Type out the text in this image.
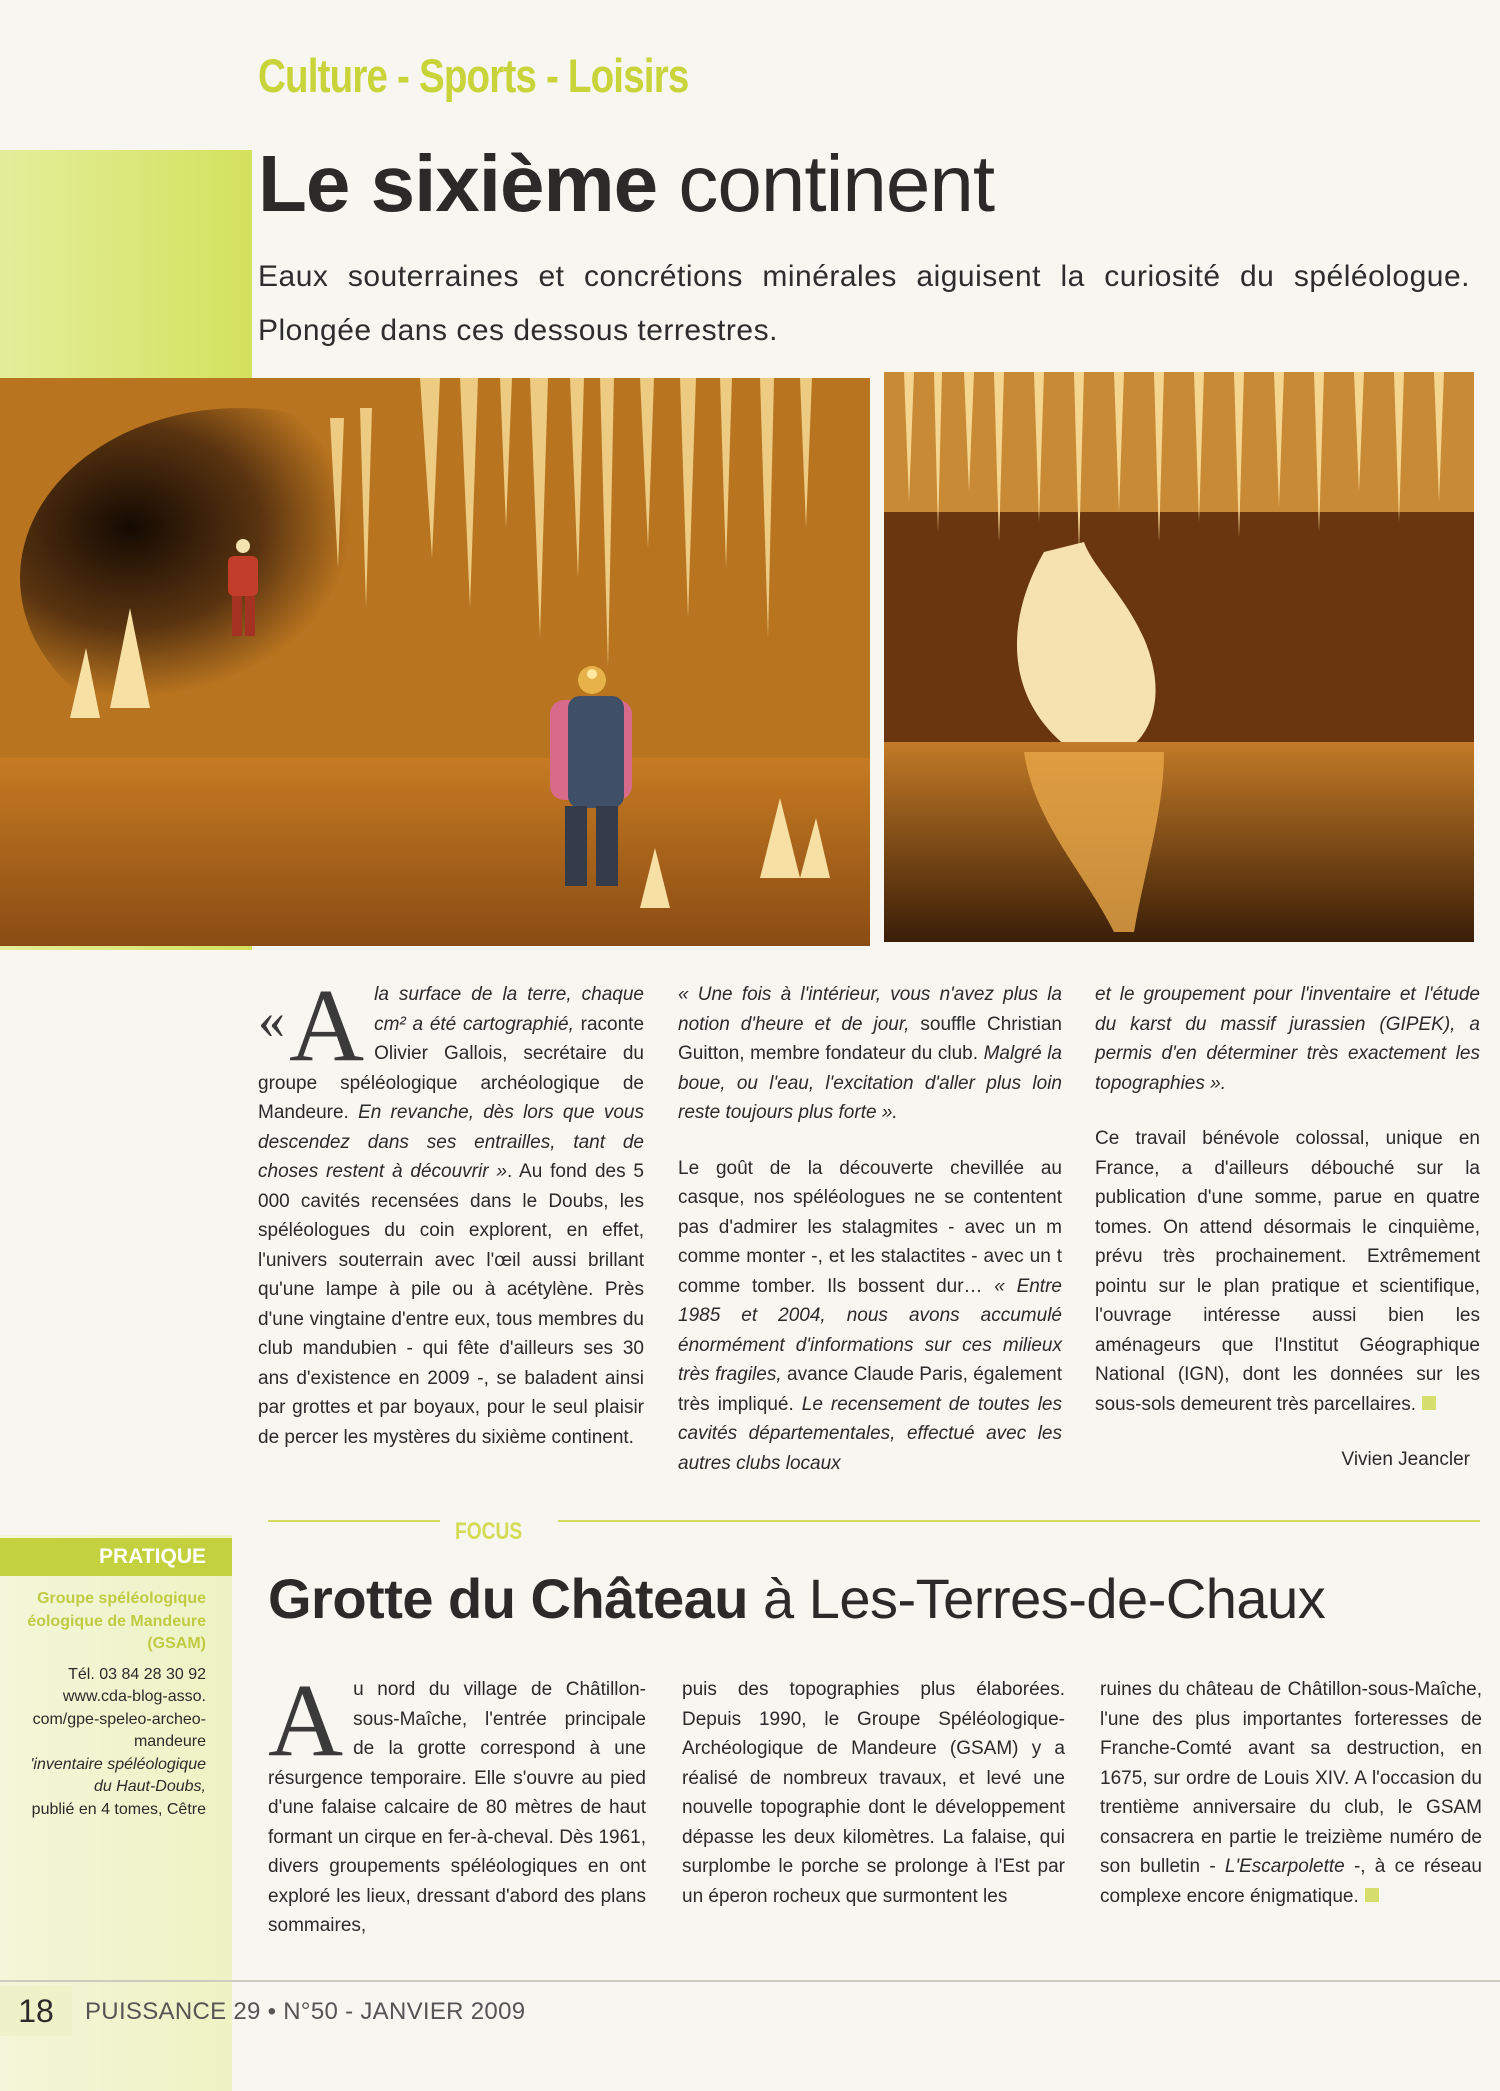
Culture - Sports - Loisirs
Le sixième continent
Eaux souterraines et concrétions minérales aiguisent la curiosité du spéléologue. Plongée dans ces dessous terrestres.
« A la surface de la terre, chaque cm² a été cartographié, raconte Olivier Gallois, secrétaire du groupe spéléologique archéologique de Mandeure. En revanche, dès lors que vous descendez dans ses entrailles, tant de choses restent à découvrir ». Au fond des 5 000 cavités recensées dans le Doubs, les spéléologues du coin explorent, en effet, l'univers souterrain avec l'œil aussi brillant qu'une lampe à pile ou à acétylène. Près d'une vingtaine d'entre eux, tous membres du club mandubien - qui fête d'ailleurs ses 30 ans d'existence en 2009 -, se baladent ainsi par grottes et par boyaux, pour le seul plaisir de percer les mystères du sixième continent.

« Une fois à l'intérieur, vous n'avez plus la notion d'heure et de jour, souffle Christian Guitton, membre fondateur du club. Malgré la boue, ou l'eau, l'excitation d'aller plus loin reste toujours plus forte ».

Le goût de la découverte chevillée au casque, nos spéléologues ne se contentent pas d'admirer les stalagmites - avec un m comme monter -, et les stalactites - avec un t comme tomber. Ils bossent dur… « Entre 1985 et 2004, nous avons accumulé énormément d'informations sur ces milieux très fragiles, avance Claude Paris, également très impliqué. Le recensement de toutes les cavités départementales, effectué avec les autres clubs locaux

et le groupement pour l'inventaire et l'étude du karst du massif jurassien (GIPEK), a permis d'en déterminer très exactement les topographies ».

Ce travail bénévole colossal, unique en France, a d'ailleurs débouché sur la publication d'une somme, parue en quatre tomes. On attend désormais le cinquième, prévu très prochainement. Extrêmement pointu sur le plan pratique et scientifique, l'ouvrage intéresse aussi bien les aménageurs que l'Institut Géographique National (IGN), dont les données sur les sous-sols demeurent très parcellaires.

Vivien Jeancler
FOCUS
PRATIQUE
Groupe spéléologique
éologique de Mandeure
(GSAM)
Tél. 03 84 28 30 92
www.cda-blog-asso.
com/gpe-speleo-archeo-
mandeure
'inventaire spéléologique
du Haut-Doubs,
publié en 4 tomes, Cêtre
Grotte du Château à Les-Terres-de-Chaux
Au nord du village de Châtillon-sous-Maîche, l'entrée principale de la grotte correspond à une résurgence temporaire. Elle s'ouvre au pied d'une falaise calcaire de 80 mètres de haut formant un cirque en fer-à-cheval. Dès 1961, divers groupements spéléologiques en ont exploré les lieux, dressant d'abord des plans sommaires,
puis des topographies plus élaborées. Depuis 1990, le Groupe Spéléologique-Archéologique de Mandeure (GSAM) y a réalisé de nombreux travaux, et levé une nouvelle topographie dont le développement dépasse les deux kilomètres. La falaise, qui surplombe le porche se prolonge à l'Est par un éperon rocheux que surmontent les
ruines du château de Châtillon-sous-Maîche, l'une des plus importantes forteresses de Franche-Comté avant sa destruction, en 1675, sur ordre de Louis XIV. A l'occasion du trentième anniversaire du club, le GSAM consacrera en partie le treizième numéro de son bulletin - L'Escarpolette -, à ce réseau complexe encore énigmatique.
18	PUISSANCE 29 • N°50 - JANVIER 2009
